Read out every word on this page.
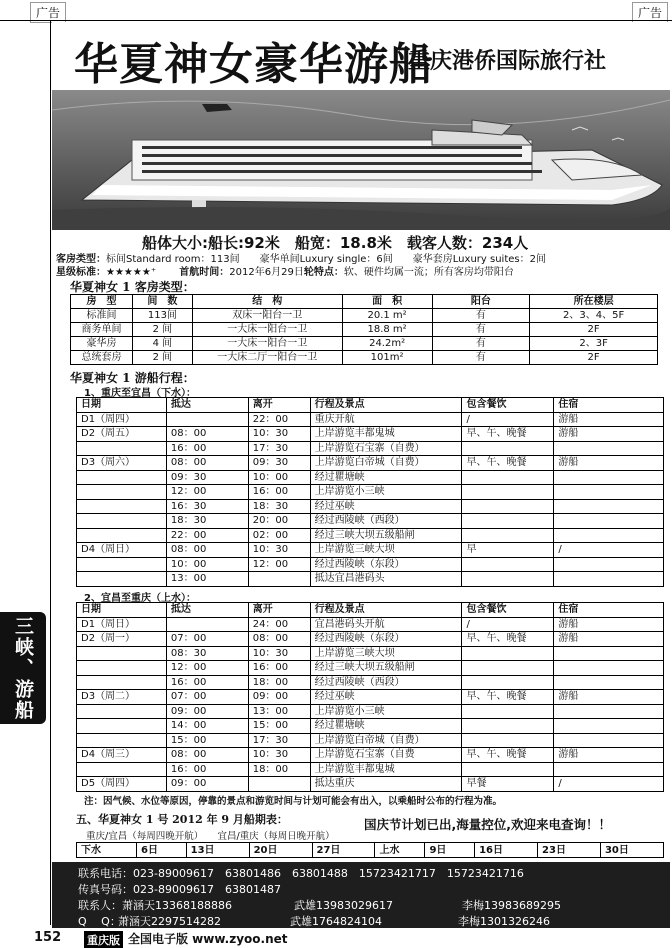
广告	广告
三峡、游船
华夏神女豪华游船
重庆港侨国际旅行社
船体大小:船长:92米　船宽：18.8米　载客人数：234人
客房类型：标间Standard room：113间　　豪华单间Luxury single：6间　　豪华套房Luxury suites：2间
星级标准：★★★★★⁺　　 首航时间：2012年6月29日轮特点：软、硬件均属一流；所有客房均带阳台
华夏神女 1 客房类型：
房　型	间　数	结　构	面　积	阳台	所在楼层
标准间	113间	双床一阳台一卫	20.1 m²	有	2、3、4、5F
商务单间	2 间	一大床一阳台一卫	18.8 m²	有	2F
豪华房	4 间	一大床一阳台一卫	24.2m²	有	2、3F
总统套房	2 间	一大床二厅一阳台一卫	101m²	有	2F
华夏神女 1 游船行程：
1、重庆至宜昌（下水）：
日期	抵达	离开	行程及景点	包含餐饮	住宿
D1（周四）		22：00	重庆开航	/	游船
D2（周五）	08：00	10：30	上岸游览丰都鬼城	早、午、晚餐	游船
	16：00	17：30	上岸游览石宝寨（自费）		
D3（周六）	08：00	09：30	上岸游览白帝城（自费）	早、午、晚餐	游船
	09：30	10：00	经过瞿塘峡		
	12：00	16：00	上岸游览小三峡		
	16：30	18：30	经过巫峡		
	18：30	20：00	经过西陵峡（西段）		
	22：00	02：00	经过三峡大坝五级船闸		
D4（周日）	08：00	10：30	上岸游览三峡大坝	早	/
	10：00	12：00	经过西陵峡（东段）		
	13：00		抵达宜昌港码头		
2、宜昌至重庆（上水）：
日期	抵达	离开	行程及景点	包含餐饮	住宿
D1（周日）		24：00	宜昌港码头开航	/	游船
D2（周一）	07：00	08：00	经过西陵峡（东段）	早、午、晚餐	游船
	08：30	10：30	上岸游览三峡大坝		
	12：00	16：00	经过三峡大坝五级船闸		
	16：00	18：00	经过西陵峡（西段）		
D3（周二）	07：00	09：00	经过巫峡	早、午、晚餐	游船
	09：00	13：00	上岸游览小三峡		
	14：00	15：00	经过瞿塘峡		
	15：00	17：30	上岸游览白帝城（自费）		
D4（周三）	08：00	10：30	上岸游览石宝寨（自费	早、午、晚餐	游船
	16：00	18：00	上岸游览丰都鬼城		
D5（周四）	09：00		抵达重庆	早餐	/
注：因气候、水位等原因，停靠的景点和游览时间与计划可能会有出入，以乘船时公布的行程为准。
五、华夏神女 1 号 2012 年 9 月船期表：	国庆节计划已出,海量控位,欢迎来电查询！！
重庆/宜昌（每周四晚开航）　　 宜昌/重庆（每周日晚开航）
下水	6日	13日	20日	27日	上水	9日	16日	23日	30日
联系电话： 023-89009617　63801486　63801488　15723421717　15723421716
传真号码： 023-89009617　63801487
联系人： 萧涵天13368188886	武雄13983029617	李梅13983689295
Q　 Q：
萧涵天2297514282	武雄1764824104	李梅1301326246
152 重庆版 全国电子版 www.zyoo.net
